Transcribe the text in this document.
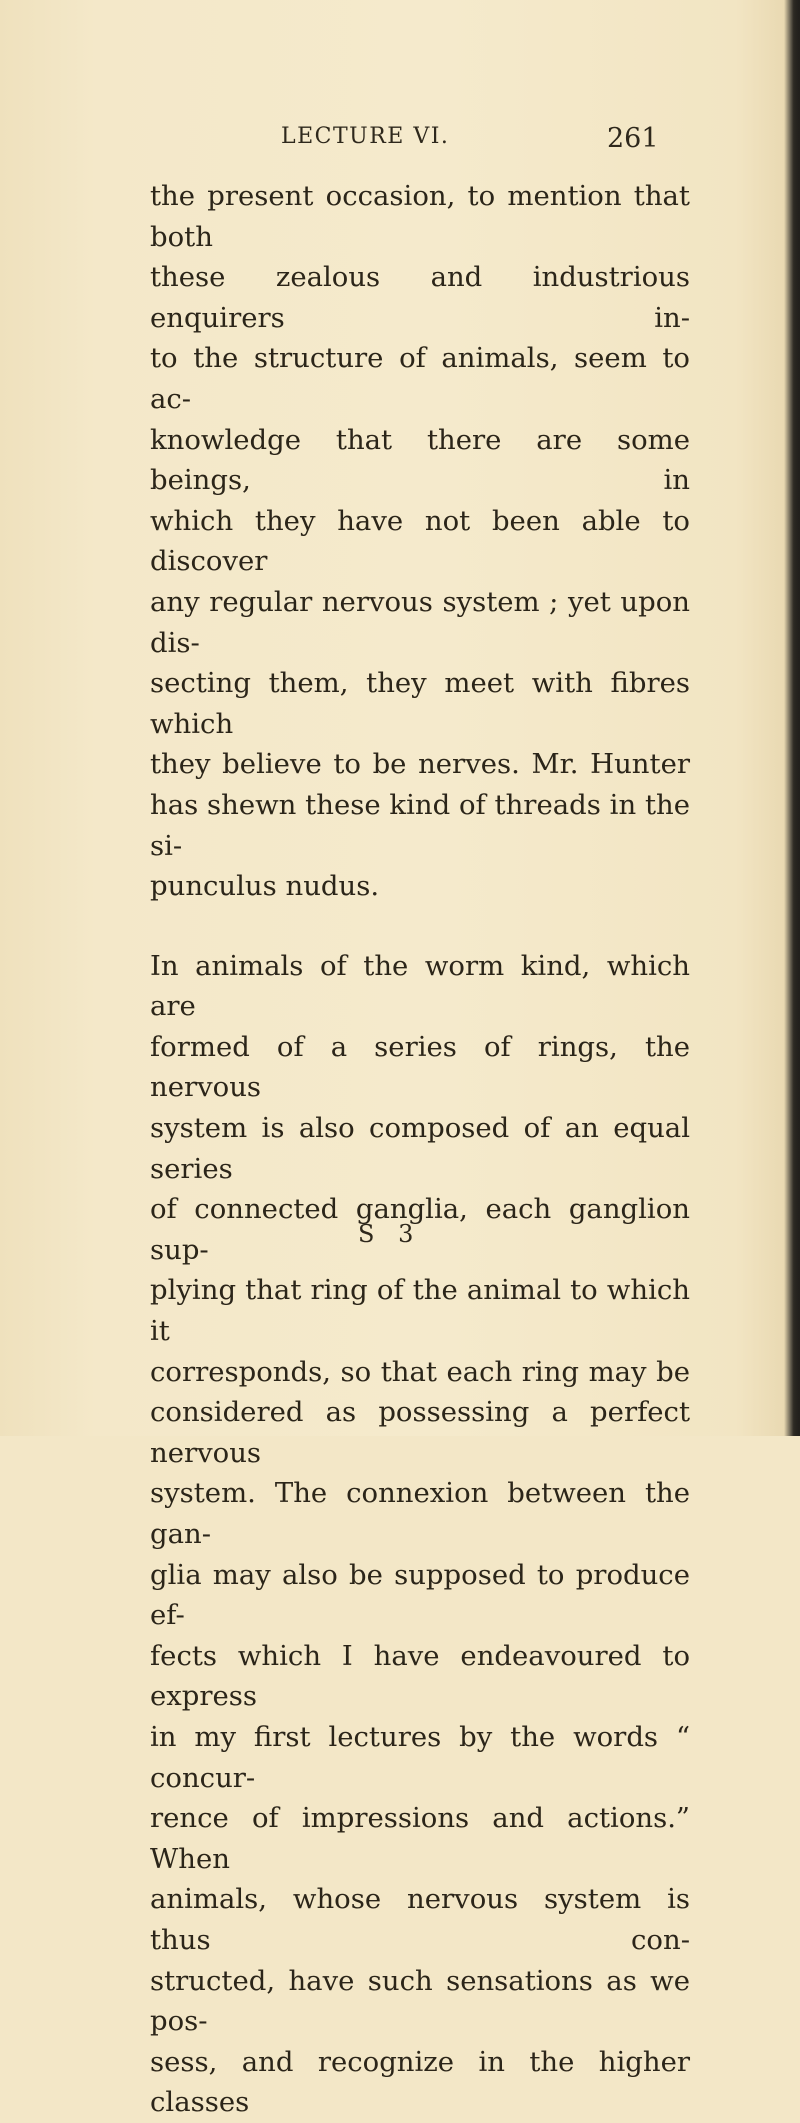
LECTURE VI.	261
the present occasion, to mention that both
these zealous and industrious enquirers in-
to the structure of animals, seem to ac-
knowledge that there are some beings, in
which they have not been able to discover
any regular nervous system ; yet upon dis-
secting them, they meet with fibres which
they believe to be nerves. Mr. Hunter
has shewn these kind of threads in the si-
punculus nudus.
In animals of the worm kind, which are
formed of a series of rings, the nervous
system is also composed of an equal series
of connected ganglia, each ganglion sup-
plying that ring of the animal to which it
corresponds, so that each ring may be
considered as possessing a perfect nervous
system. The connexion between the gan-
glia may also be supposed to produce ef-
fects which I have endeavoured to express
in my first lectures by the words “ concur-
rence of impressions and actions.” When
animals, whose nervous system is thus con-
structed, have such sensations as we pos-
sess, and recognize in the higher classes
S 3
